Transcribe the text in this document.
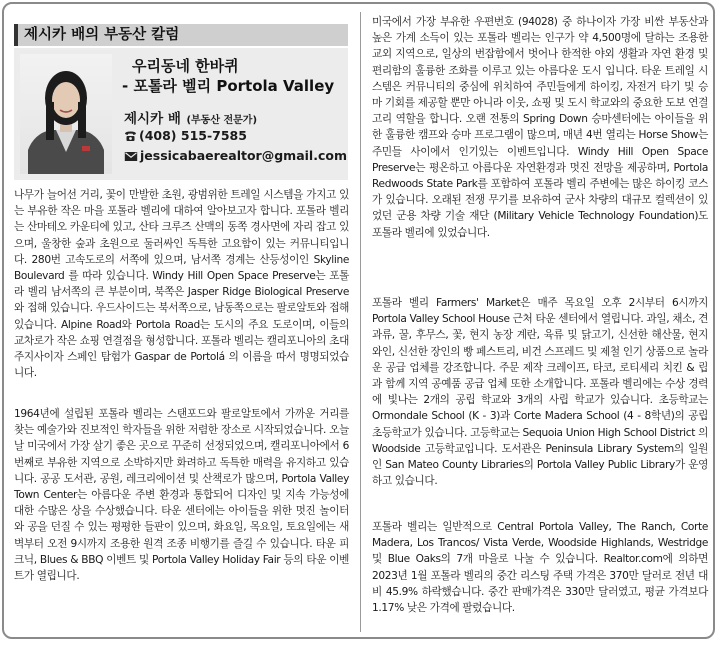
제시카 배의 부동산 칼럼
우리동네 한바퀴
- 포톨라 벨리 Portola Valley
제시카 배 (부동산 전문가)
(408) 515-7585
jessicabaerealtor@gmail.com

나무가 늘어선 거리, 꽃이 만발한 초원, 광범위한 트레일 시스템을 가지고 있는 부유한 작은 마을 포톨라 벨리에 대하여 알아보고자 합니다. 포톨라 벨리는 산마테오 카운티에 있고, 산타 크루즈 산맥의 동쪽 경사면에 자리 잡고 있으며, 울창한 숲과 초원으로 둘러싸인 독특한 고요함이 있는 커뮤니티입니다. 280번 고속도로의 서쪽에 있으며, 남서쪽 경계는 산등성이인 Skyline Boulevard 를 따라 있습니다. Windy Hill Open Space Preserve는 포톨라 벨리 남서쪽의 큰 부분이며, 북쪽은 Jasper Ridge Biological Preserve와 접해 있습니다. 우드사이드는 북서쪽으로, 남동쪽으로는 팔로알토와 접해 있습니다. Alpine Road와 Portola Road는 도시의 주요 도로이며, 이들의 교차로가 작은 쇼핑 연결점을 형성합니다. 포톨라 벨리는 캘리포니아의 초대 주지사이자 스페인 탐험가 Gaspar de Portolá 의 이름을 따서 명명되었습니다.

1964년에 설립된 포톨라 벨리는 스탠포드와 팔로알토에서 가까운 거리를 찾는 예술가와 진보적인 학자들을 위한 저렴한 장소로 시작되었습니다. 오늘날 미국에서 가장 살기 좋은 곳으로 꾸준히 선정되었으며, 캘리포니아에서 6번째로 부유한 지역으로 소박하지만 화려하고 독특한 매력을 유지하고 있습니다. 공공 도서관, 공원, 레크리에이션 및 산책로가 많으며, Portola Valley Town Center는 아름다운 주변 환경과 통합되어 디자인 및 지속 가능성에 대한 수많은 상을 수상했습니다. 타운 센터에는 아이들을 위한 멋진 놀이터와 공을 던질 수 있는 평평한 들판이 있으며, 화요일, 목요일, 토요일에는 새벽부터 오전 9시까지 조용한 원격 조종 비행기를 즐길 수 있습니다. 타운 피크닉, Blues & BBQ 이벤트 및 Portola Valley Holiday Fair 등의 타운 이벤트가 열립니다.

미국에서 가장 부유한 우편번호 (94028) 중 하나이자 가장 비싼 부동산과 높은 가계 소득이 있는 포톨라 벨리는 인구가 약 4,500명에 달하는 조용한 교외 지역으로, 일상의 번잡함에서 벗어나 한적한 야외 생활과 자연 환경 및 편리함의 훌륭한 조화를 이루고 있는 아름다운 도시 입니다. 타운 트레일 시스템은 커뮤니티의 중심에 위치하여 주민들에게 하이킹, 자전거 타기 및 승마 기회를 제공할 뿐만 아니라 이웃, 쇼핑 및 도시 학교와의 중요한 도보 연결 고리 역할을 합니다. 오랜 전통의 Spring Down 승마센터에는 아이들을 위한 훌륭한 캠프와 승마 프로그램이 많으며, 매년 4번 열리는 Horse Show는 주민들 사이에서 인기있는 이벤트입니다. Windy Hill Open Space Preserve는 평온하고 아름다운 자연환경과 멋진 전망을 제공하며, Portola Redwoods State Park를 포함하여 포톨라 벨리 주변에는 많은 하이킹 코스가 있습니다. 오래된 전쟁 무기를 보유하여 군사 차량의 대규모 컬렉션이 있었던 군용 차량 기술 재단 (Military Vehicle Technology Foundation)도 포톨라 벨리에 있었습니다.

포톨라 벨리 Farmers' Market은 매주 목요일 오후 2시부터 6시까지 Portola Valley School House 근처 타운 센터에서 열립니다. 과일, 채소, 견과류, 꿀, 후무스, 꽃, 현지 농장 계란, 육류 및 닭고기, 신선한 해산물, 현지 와인, 신선한 장인의 빵 페스트리, 비건 스프레드 및 제철 인기 상품으로 놀라운 공급 업체를 강조합니다. 주문 제작 크레이프, 타코, 로티세리 치킨 & 립과 함께 지역 공예품 공급 업체 또한 소개합니다. 포톨라 벨리에는 수상 경력에 빛나는 2개의 공립 학교와 3개의 사립 학교가 있습니다. 초등학교는 Ormondale School (K - 3)과 Corte Madera School (4 - 8학년)의 공립 초등학교가 있습니다. 고등학교는 Sequoia Union High School District 의 Woodside 고등학교입니다. 도서관은 Peninsula Library System의 일원인 San Mateo County Libraries의 Portola Valley Public Library가 운영하고 있습니다.

포톨라 벨리는 일반적으로 Central Portola Valley, The Ranch, Corte Madera, Los Trancos/ Vista Verde, Woodside Highlands, Westridge 및 Blue Oaks의 7개 마을로 나눌 수 있습니다. Realtor.com에 의하면 2023년 1월 포톨라 벨리의 중간 리스팅 주택 가격은 370만 달러로 전년 대비 45.9% 하락했습니다. 중간 판매가격은 330만 달러였고, 평균 가격보다 1.17% 낮은 가격에 팔렸습니다.
